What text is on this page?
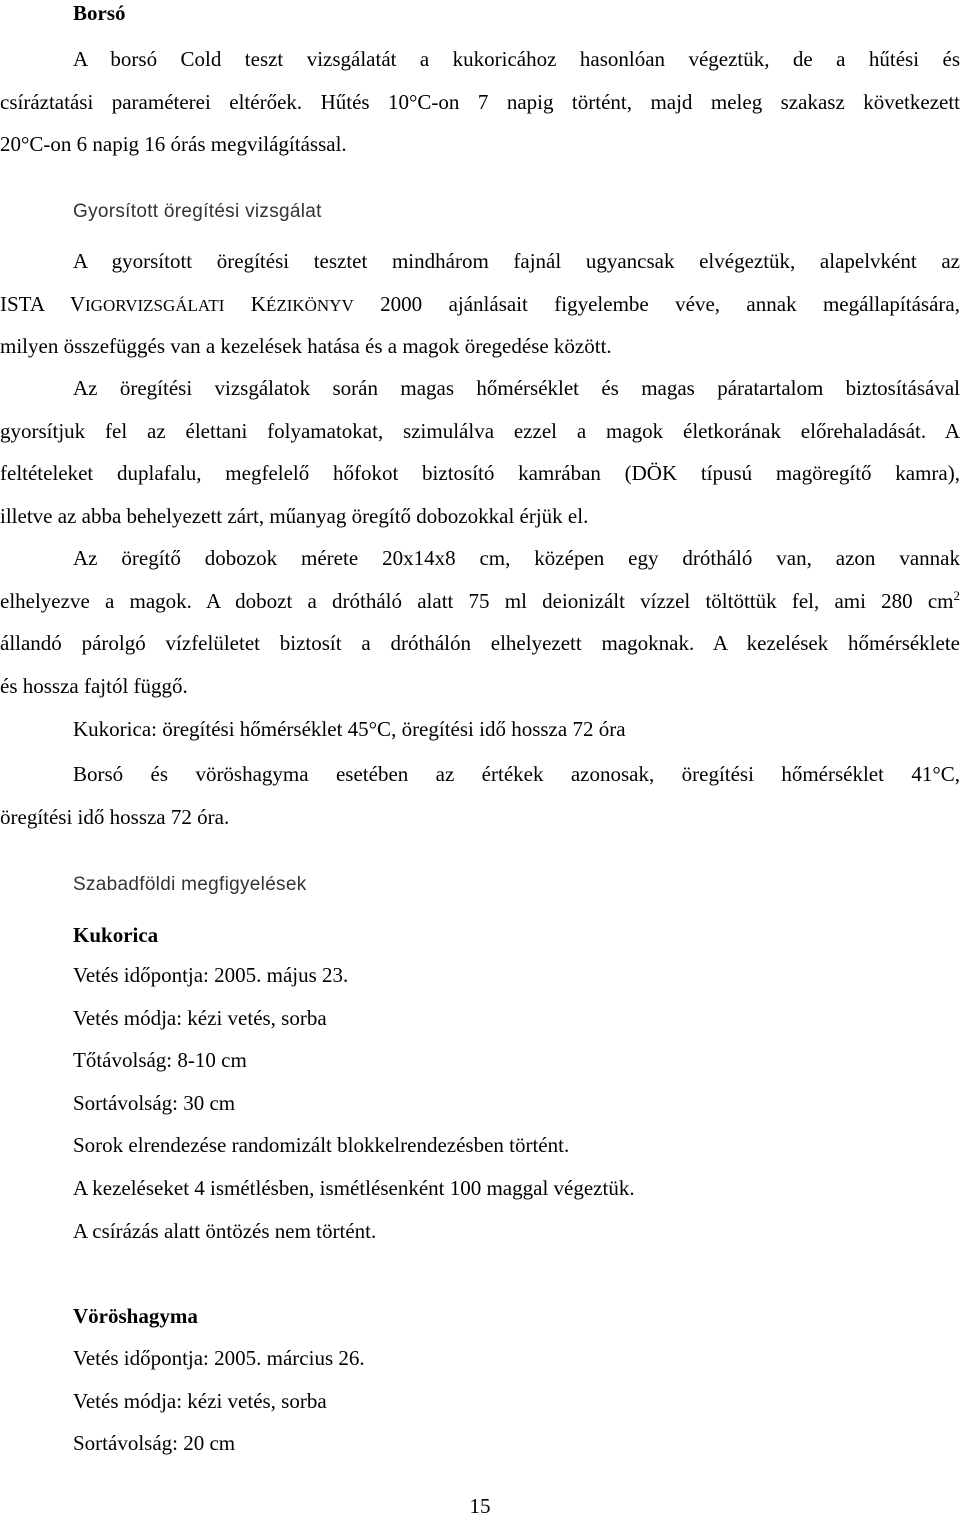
Borsó
A borsó Cold teszt vizsgálatát a kukoricához hasonlóan végeztük, de a hűtési és
csíráztatási paraméterei eltérőek. Hűtés 10°C-on 7 napig történt, majd meleg szakasz következett
20°C-on 6 napig 16 órás megvilágítással.
Gyorsított öregítési vizsgálat
A gyorsított öregítési tesztet mindhárom fajnál ugyancsak elvégeztük, alapelvként az
ISTA VIGORVIZSGÁLATI KÉZIKÖNYV 2000 ajánlásait figyelembe véve, annak megállapítására,
milyen összefüggés van a kezelések hatása és a magok öregedése között.
Az öregítési vizsgálatok során magas hőmérséklet és magas páratartalom biztosításával
gyorsítjuk fel az élettani folyamatokat, szimulálva ezzel a magok életkorának előrehaladását. A
feltételeket duplafalu, megfelelő hőfokot biztosító kamrában (DÖK típusú magöregítő kamra),
illetve az abba behelyezett zárt, műanyag öregítő dobozokkal érjük el.
Az öregítő dobozok mérete 20x14x8 cm, középen egy drótháló van, azon vannak
elhelyezve a magok. A dobozt a drótháló alatt 75 ml deionizált vízzel töltöttük fel, ami 280 $cm^2$
állandó párolgó vízfelületet biztosít a dróthálón elhelyezett magoknak. A kezelések hőmérséklete
és hossza fajtól függő.
Kukorica: öregítési hőmérséklet 45°C, öregítési idő hossza 72 óra
Borsó és vöröshagyma esetében az értékek azonosak, öregítési hőmérséklet 41°C,
öregítési idő hossza 72 óra.
Szabadföldi megfigyelések
Kukorica
Vetés időpontja: 2005. május 23.
Vetés módja: kézi vetés, sorba
Tőtávolság: 8-10 cm
Sortávolság: 30 cm
Sorok elrendezése randomizált blokkelrendezésben történt.
A kezeléseket 4 ismétlésben, ismétlésenként 100 maggal végeztük.
A csírázás alatt öntözés nem történt.
Vöröshagyma
Vetés időpontja: 2005. március 26.
Vetés módja: kézi vetés, sorba
Sortávolság: 20 cm
15
